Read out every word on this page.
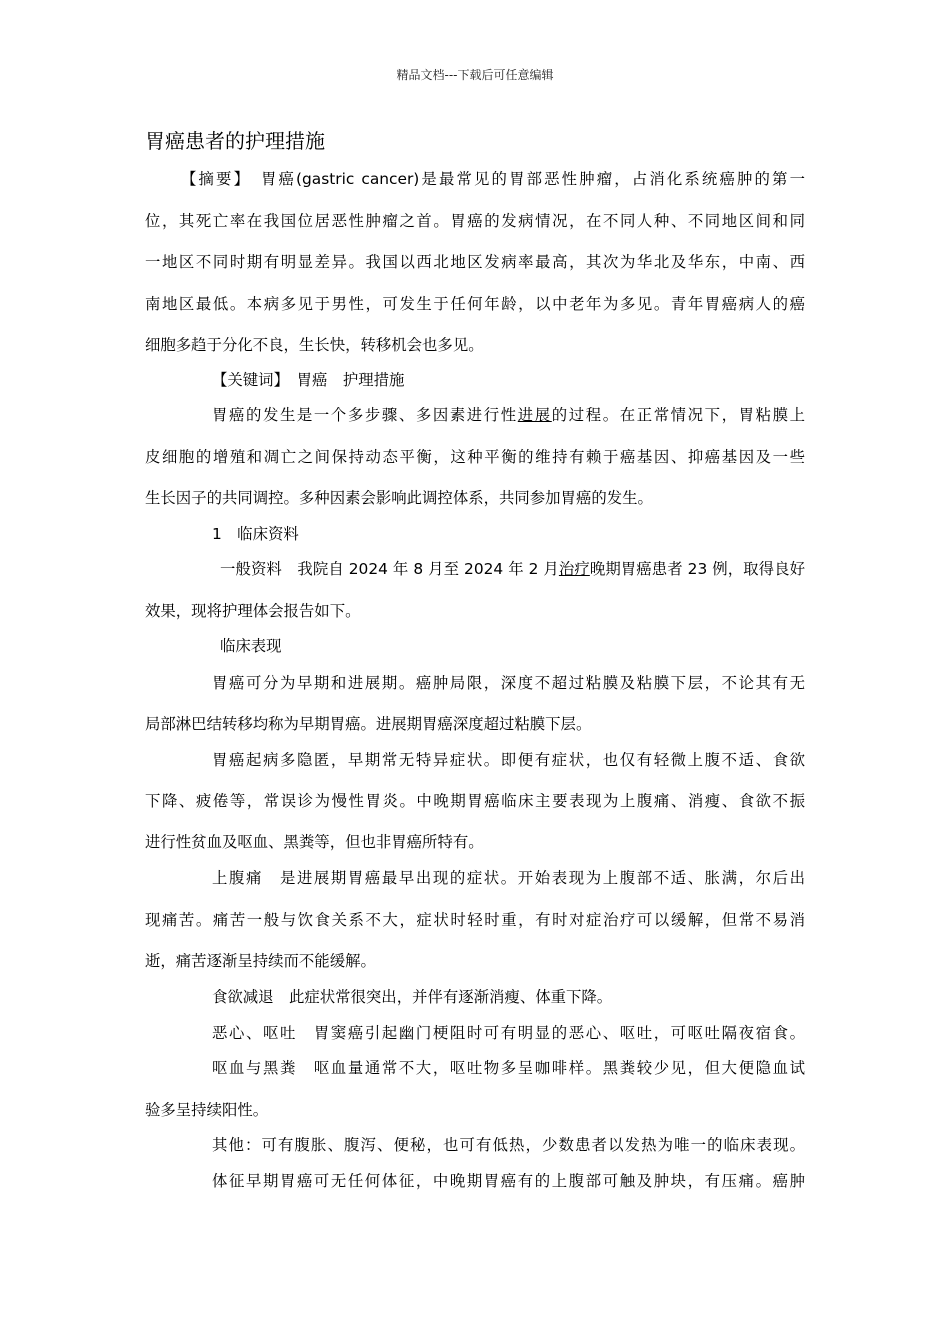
精品文档---下载后可任意编辑
胃癌患者的护理措施
【摘要】　 胃癌(gastric cancer)是最常见的胃部恶性肿瘤，占消化系统癌肿的第一
位，其死亡率在我国位居恶性肿瘤之首。胃癌的发病情况，在不同人种、不同地区间和同
一地区不同时期有明显差异。我国以西北地区发病率最高，其次为华北及华东，中南、西
南地区最低。本病多见于男性，可发生于任何年龄，以中老年为多见。青年胃癌病人的癌
细胞多趋于分化不良，生长快，转移机会也多见。
【关键词】　胃癌　护理措施
胃癌的发生是一个多步骤、多因素进行性进展的过程。在正常情况下，胃粘膜上
皮细胞的增殖和凋亡之间保持动态平衡，这种平衡的维持有赖于癌基因、抑癌基因及一些
生长因子的共同调控。多种因素会影响此调控体系，共同参加胃癌的发生。
1　临床资料
一般资料　我院自 2024 年 8 月至 2024 年 2 月治疗晚期胃癌患者 23 例，取得良好
效果，现将护理体会报告如下。
临床表现
胃癌可分为早期和进展期。癌肿局限，深度不超过粘膜及粘膜下层，不论其有无
局部淋巴结转移均称为早期胃癌。进展期胃癌深度超过粘膜下层。
胃癌起病多隐匿，早期常无特异症状。即便有症状，也仅有轻微上腹不适、食欲
下降、疲倦等，常误诊为慢性胃炎。中晚期胃癌临床主要表现为上腹痛、消瘦、食欲不振
进行性贫血及呕血、黑粪等，但也非胃癌所特有。
上腹痛　是进展期胃癌最早出现的症状。开始表现为上腹部不适、胀满，尔后出
现痛苦。痛苦一般与饮食关系不大，症状时轻时重，有时对症治疗可以缓解，但常不易消
逝，痛苦逐渐呈持续而不能缓解。
食欲减退　此症状常很突出，并伴有逐渐消瘦、体重下降。
恶心、呕吐　胃窦癌引起幽门梗阻时可有明显的恶心、呕吐，可呕吐隔夜宿食。
呕血与黑粪　呕血量通常不大，呕吐物多呈咖啡样。黑粪较少见，但大便隐血试
验多呈持续阳性。
其他：可有腹胀、腹泻、便秘，也可有低热，少数患者以发热为唯一的临床表现。
体征早期胃癌可无任何体征，中晚期胃癌有的上腹部可触及肿块，有压痛。癌肿
